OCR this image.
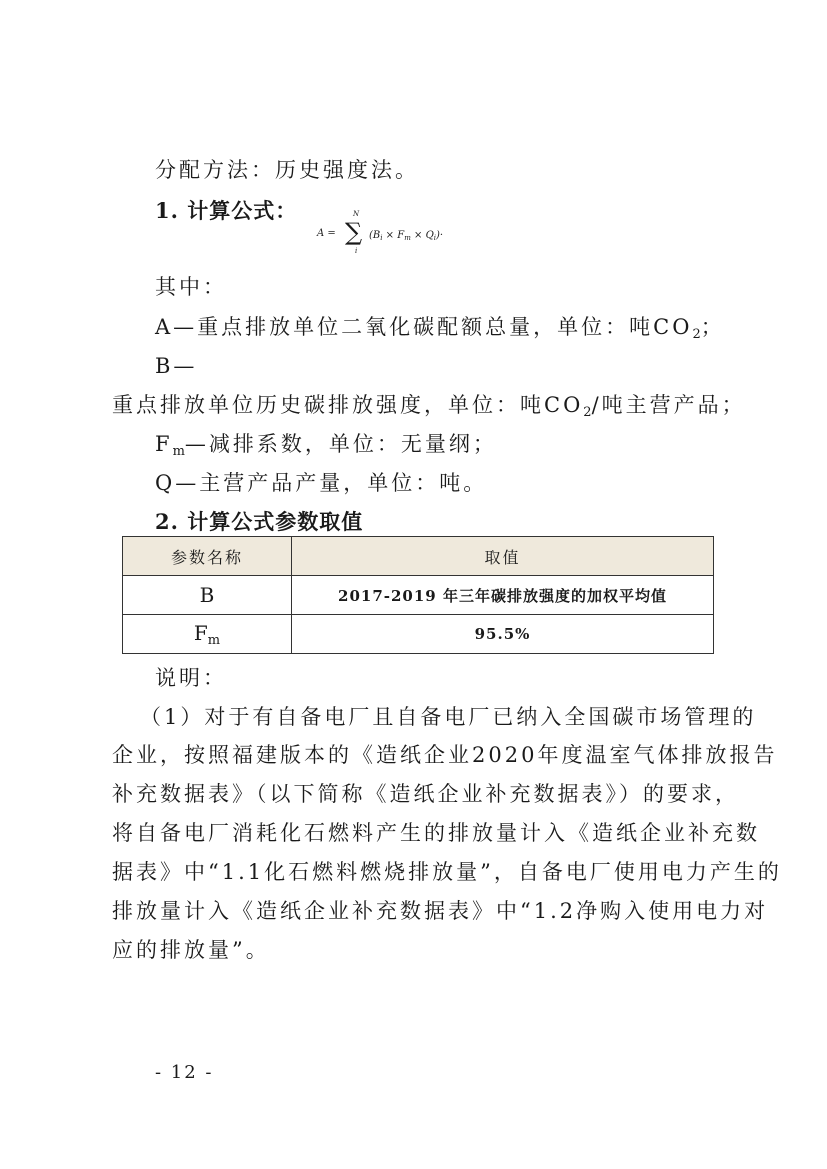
分配方法：历史强度法。
1. 计算公式：
A = ∑
N
i
$(B_i \times F_m \times Q_i)\cdot$
其中：
A—重点排放单位二氧化碳配额总量，单位：吨$CO_2$；
B—
重点排放单位历史碳排放强度，单位：吨$CO_2/$吨主营产品；
$F_m—$减排系数，单位：无量纲；
Q—主营产品产量，单位：吨。
2. 计算公式参数取值
参数名称	取值
B	2017-2019 年三年碳排放强度的加权平均值
$F_m$	95.5%
说明：
（1）对于有自备电厂且自备电厂已纳入全国碳市场管理的
企业，按照福建版本的《造纸企业2020年度温室气体排放报告
补充数据表》（以下简称《造纸企业补充数据表》）的要求，
将自备电厂消耗化石燃料产生的排放量计入《造纸企业补充数
据表》中“1.1化石燃料燃烧排放量”，自备电厂使用电力产生的
排放量计入《造纸企业补充数据表》中“1.2净购入使用电力对
应的排放量”。
- 12 -
